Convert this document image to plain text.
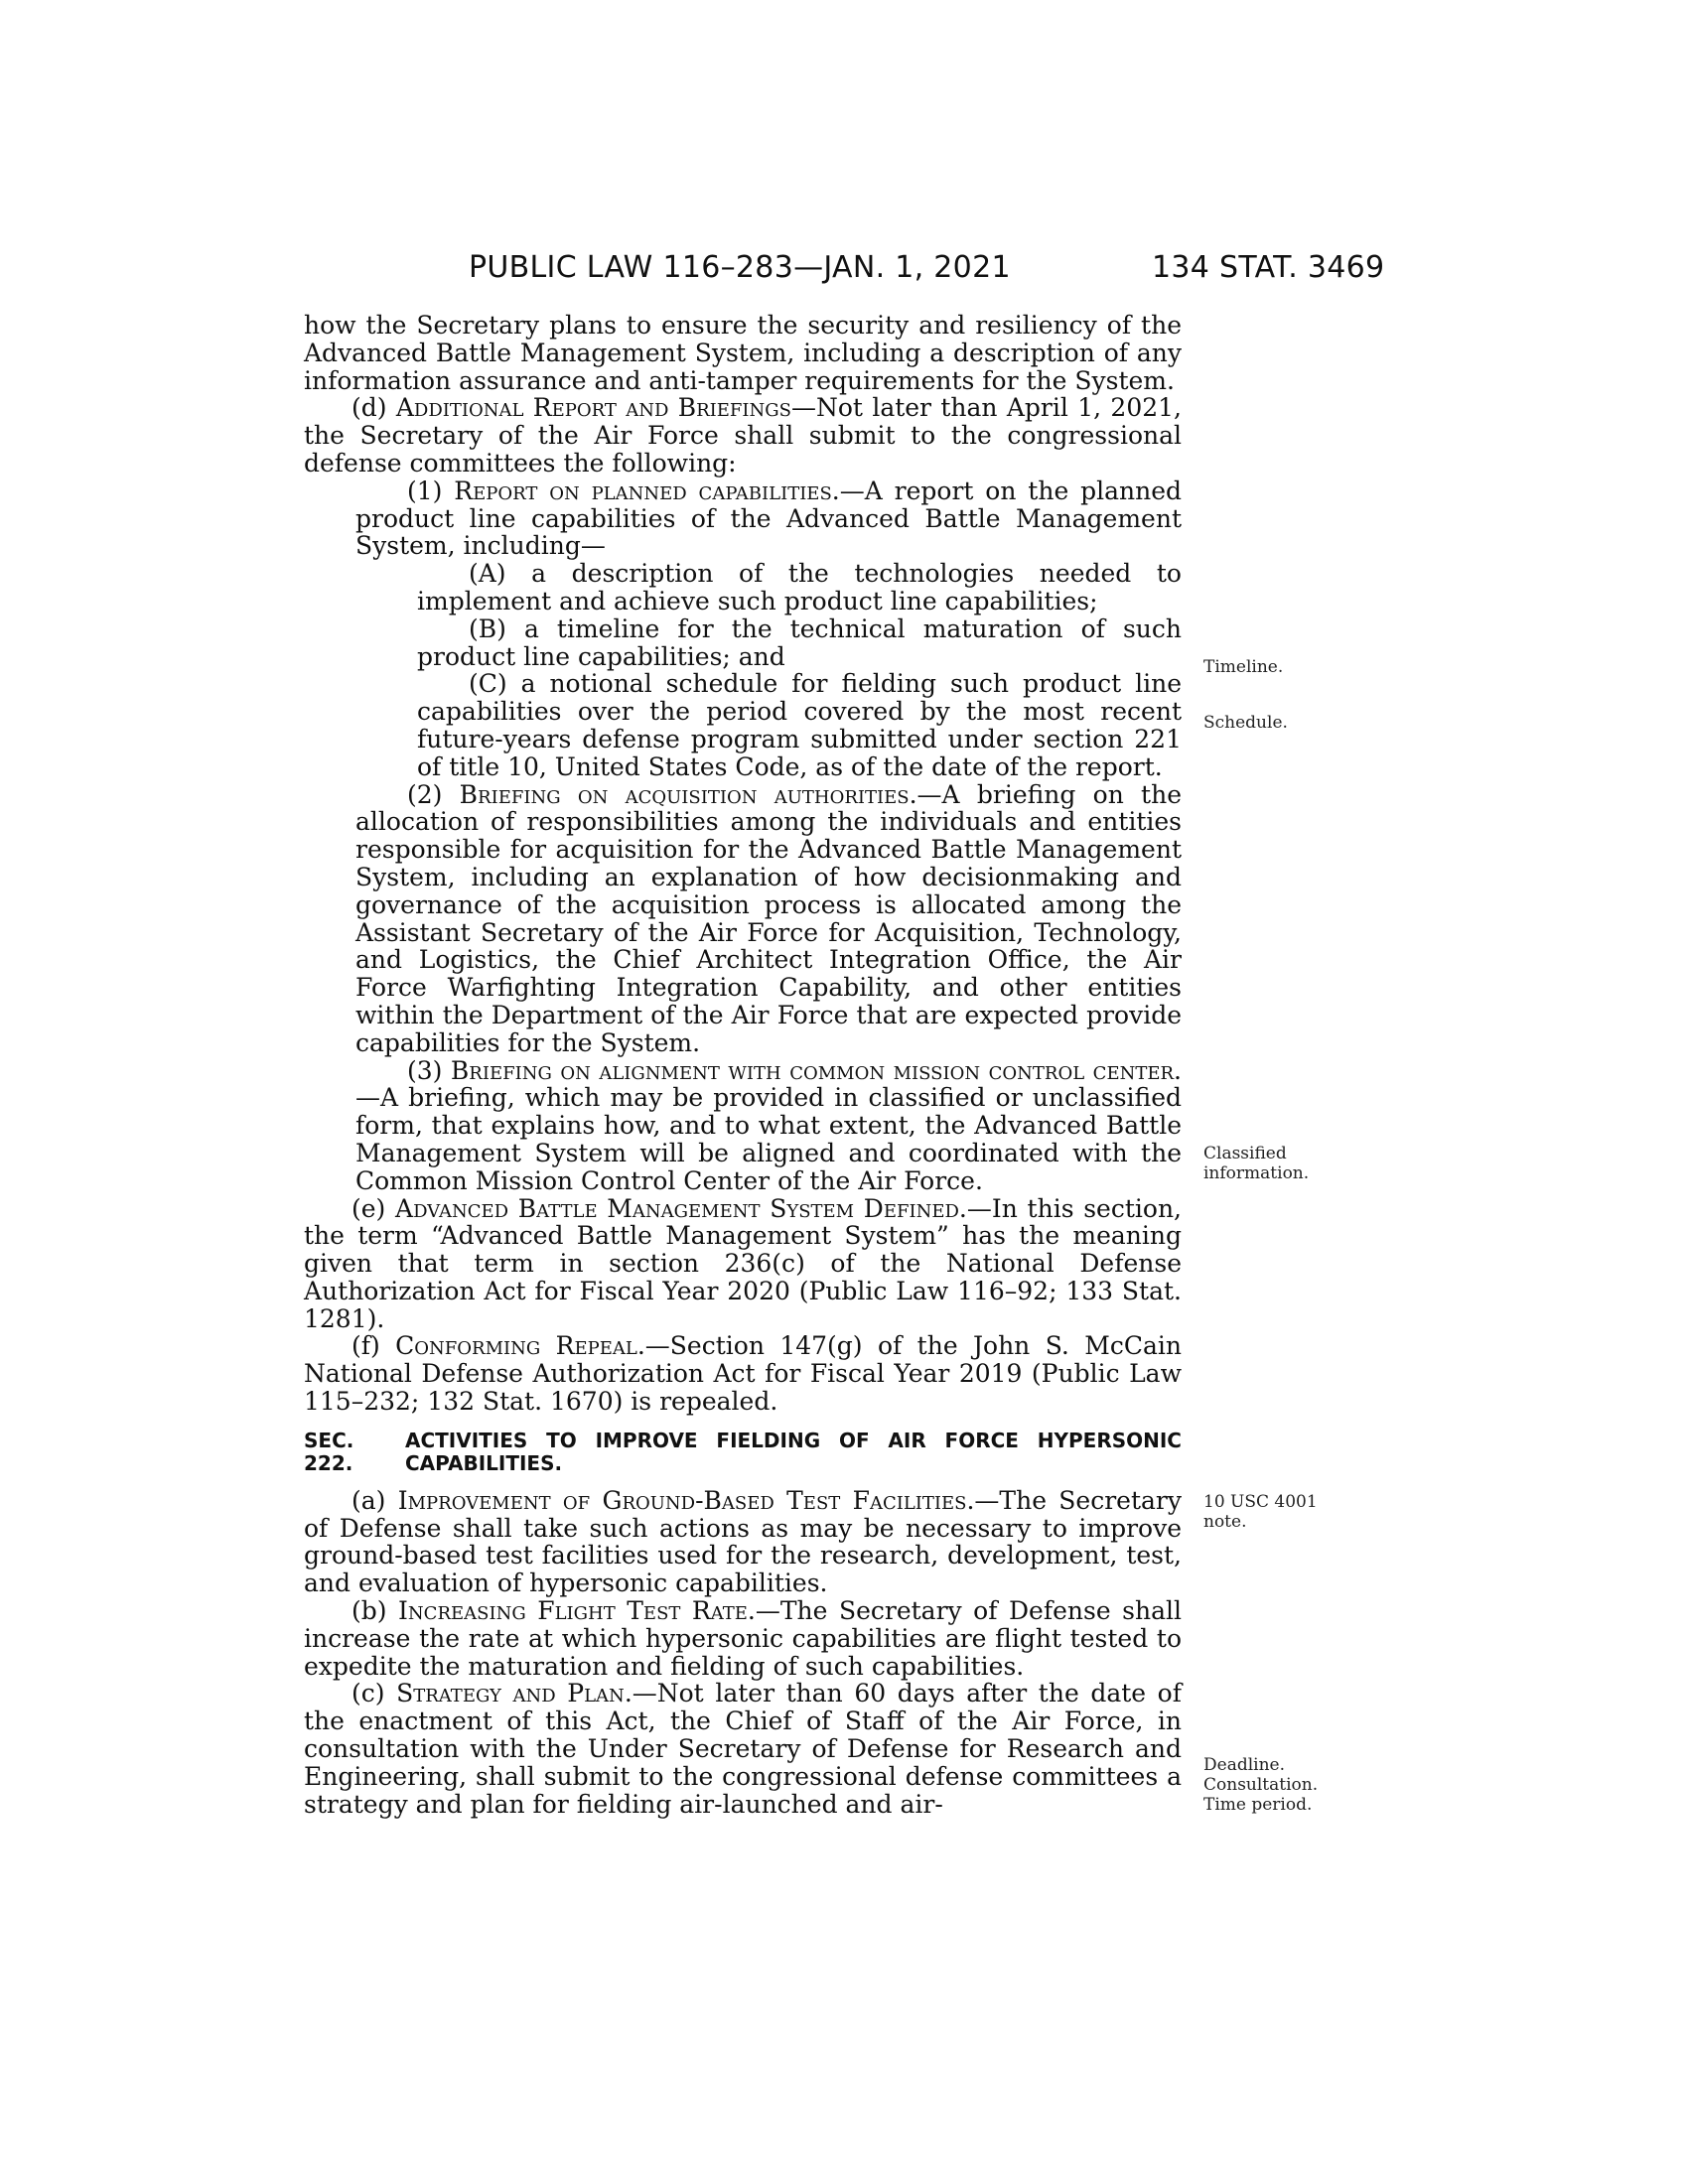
PUBLIC LAW 116–283—JAN. 1, 2021	134 STAT. 3469

how the Secretary plans to ensure the security and resiliency of the Advanced Battle Management System, including a description of any information assurance and anti-tamper requirements for the System.

(d) Additional Report and Briefings—Not later than April 1, 2021, the Secretary of the Air Force shall submit to the congressional defense committees the following:

(1) Report on planned capabilities.—A report on the planned product line capabilities of the Advanced Battle Management System, including—

(A) a description of the technologies needed to implement and achieve such product line capabilities;

(B) a timeline for the technical maturation of such product line capabilities; and

(C) a notional schedule for fielding such product line capabilities over the period covered by the most recent future-years defense program submitted under section 221 of title 10, United States Code, as of the date of the report.

(2) Briefing on acquisition authorities.—A briefing on the allocation of responsibilities among the individuals and entities responsible for acquisition for the Advanced Battle Management System, including an explanation of how decisionmaking and governance of the acquisition process is allocated among the Assistant Secretary of the Air Force for Acquisition, Technology, and Logistics, the Chief Architect Integration Office, the Air Force Warfighting Integration Capability, and other entities within the Department of the Air Force that are expected provide capabilities for the System.

(3) Briefing on alignment with common mission control center.—A briefing, which may be provided in classified or unclassified form, that explains how, and to what extent, the Advanced Battle Management System will be aligned and coordinated with the Common Mission Control Center of the Air Force.

(e) Advanced Battle Management System Defined.—In this section, the term “Advanced Battle Management System” has the meaning given that term in section 236(c) of the National Defense Authorization Act for Fiscal Year 2020 (Public Law 116–92; 133 Stat. 1281).

(f) Conforming Repeal.—Section 147(g) of the John S. McCain National Defense Authorization Act for Fiscal Year 2019 (Public Law 115–232; 132 Stat. 1670) is repealed.

SEC. 222.
ACTIVITIES TO IMPROVE FIELDING OF AIR FORCE HYPERSONIC CAPABILITIES.

(a) Improvement of Ground-Based Test Facilities.—The Secretary of Defense shall take such actions as may be necessary to improve ground-based test facilities used for the research, development, test, and evaluation of hypersonic capabilities.

(b) Increasing Flight Test Rate.—The Secretary of Defense shall increase the rate at which hypersonic capabilities are flight tested to expedite the maturation and fielding of such capabilities.

(c) Strategy and Plan.—Not later than 60 days after the date of the enactment of this Act, the Chief of Staff of the Air Force, in consultation with the Under Secretary of Defense for Research and Engineering, shall submit to the congressional defense committees a strategy and plan for fielding air-launched and air-

Timeline.
Schedule.
Classified
information.
10 USC 4001
note.
Deadline.
Consultation.
Time period.
